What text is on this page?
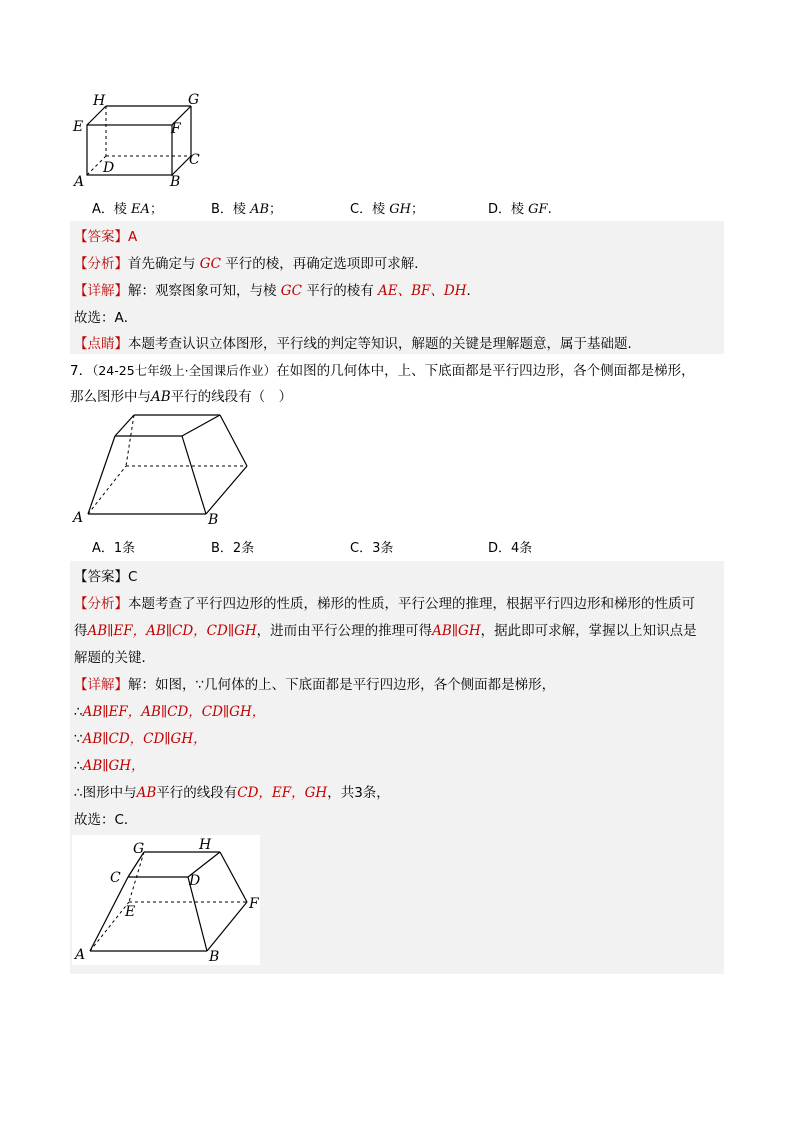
H	G
E	F
D	C
A	B
A．棱 EA；	B．棱 AB；	C．棱 GH；	D．棱 GF.
【答案】A
【分析】首先确定与 GC 平行的棱，再确定选项即可求解．
【详解】解：观察图象可知，与棱 GC 平行的棱有 AE、BF、DH．
故选：A．
【点睛】本题考查认识立体图形，平行线的判定等知识，解题的关键是理解题意，属于基础题．
7．（24-25七年级上·全国课后作业）在如图的几何体中，上、下底面都是平行四边形，各个侧面都是梯形，
那么图形中与AB平行的线段有（　）
A	B
A．1条	B．2条	C．3条	D．4条
【答案】C
【分析】本题考查了平行四边形的性质，梯形的性质，平行公理的推理，根据平行四边形和梯形的性质可
得AB∥EF，AB∥CD，CD∥GH，进而由平行公理的推理可得AB∥GH，据此即可求解，掌握以上知识点是
解题的关键．
【详解】解：如图，∵几何体的上、下底面都是平行四边形，各个侧面都是梯形，
∴AB∥EF，AB∥CD，CD∥GH，
∵AB∥CD，CD∥GH，
∴AB∥GH，
∴图形中与AB平行的线段有CD，EF，GH，共3条，
故选：C．
G	H
C	D
E	F
A	B
